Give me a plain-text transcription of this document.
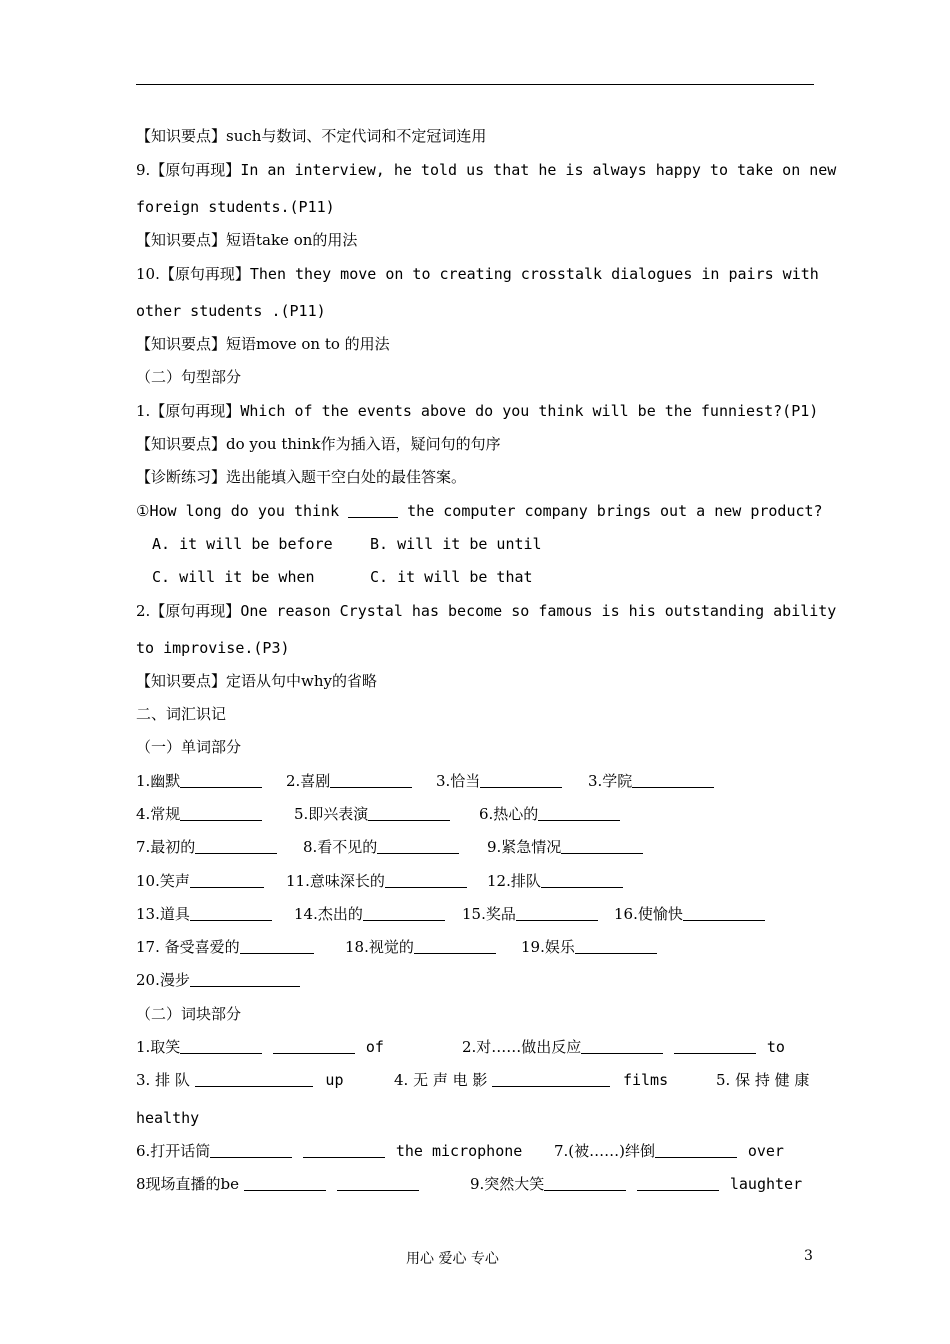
【知识要点】such与数词、不定代词和不定冠词连用
9.【原句再现】In an interview, he told us that he is always happy to take on new
foreign students.(P11)
【知识要点】短语take on的用法
10.【原句再现】Then they move on to creating crosstalk dialogues in pairs with
other students .(P11)
【知识要点】短语move on to 的用法
（二）句型部分
1.【原句再现】Which of the events above do you think will be the funniest?(P1)
【知识要点】do you think作为插入语，疑问句的句序
【诊断练习】选出能填入题干空白处的最佳答案。
①How long do you think	the computer company brings out a new product?
A. it will be before B. will it be until
C. will it be when	C. it will be that
2.【原句再现】One reason Crystal has become so famous is his outstanding ability
to improvise.(P3)
【知识要点】定语从句中why的省略
二、词汇识记
（一）单词部分
1.幽默	2.喜剧	3.恰当	3.学院
4.常规	5.即兴表演	6.热心的
7.最初的	8.看不见的	9.紧急情况
10.笑声	11.意味深长的	12.排队
13.道具	14.杰出的	15.奖品	16.使愉快
17. 备受喜爱的	18.视觉的	19.娱乐
20.漫步
（二）词块部分
1.取笑	of	2.对……做出反应	to
3. 排 队	up	4. 无 声 电 影	films	5. 保 持 健 康
healthy
6.打开话筒	the microphone 7.(被……)绊倒	over
8现场直播的be	9.突然大笑	laughter
用心 爱心 专心	3
